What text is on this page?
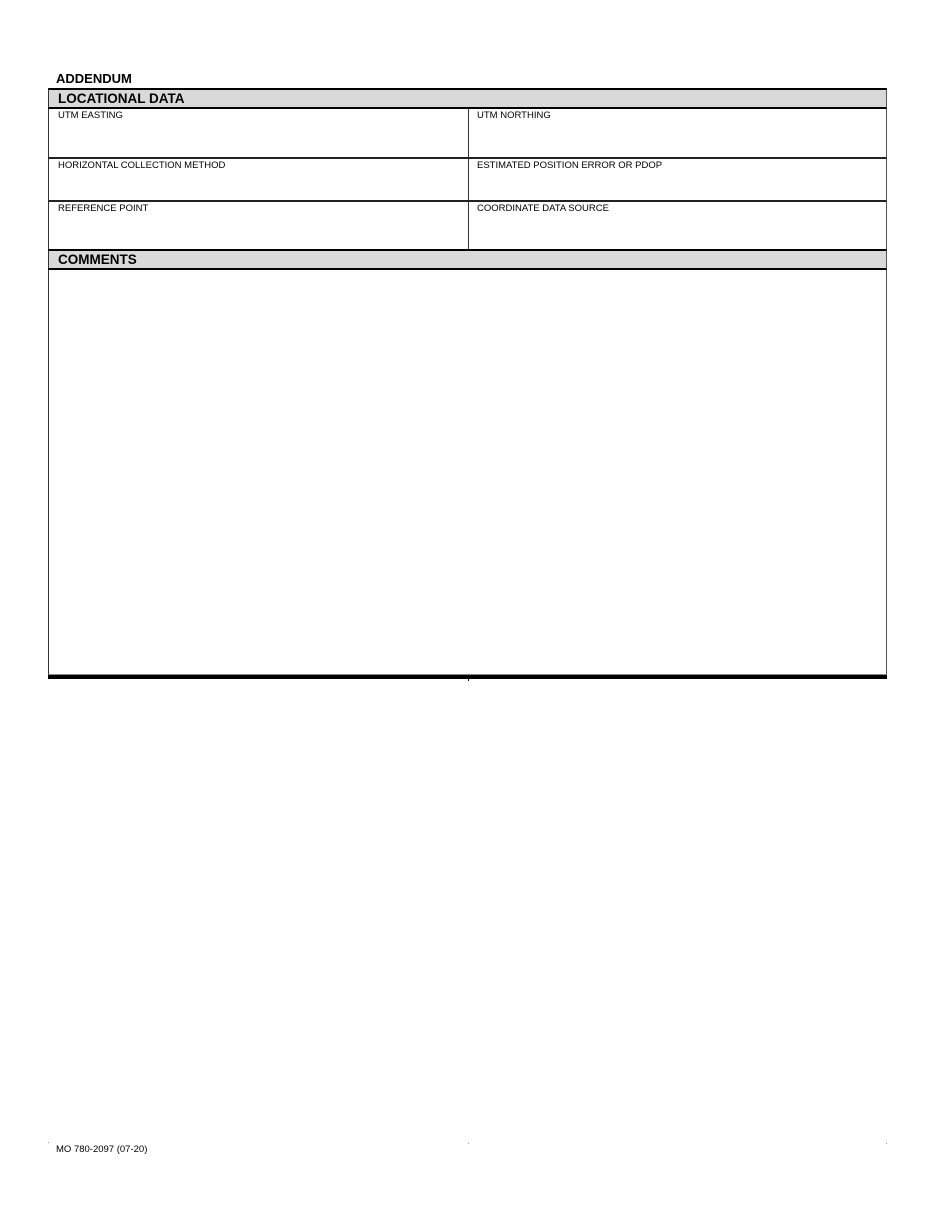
ADDENDUM
LOCATIONAL DATA
UTM EASTING	UTM NORTHING
HORIZONTAL COLLECTION METHOD	ESTIMATED POSITION ERROR OR PDOP
REFERENCE POINT	COORDINATE DATA SOURCE
COMMENTS
MO 780-2097 (07-20)
